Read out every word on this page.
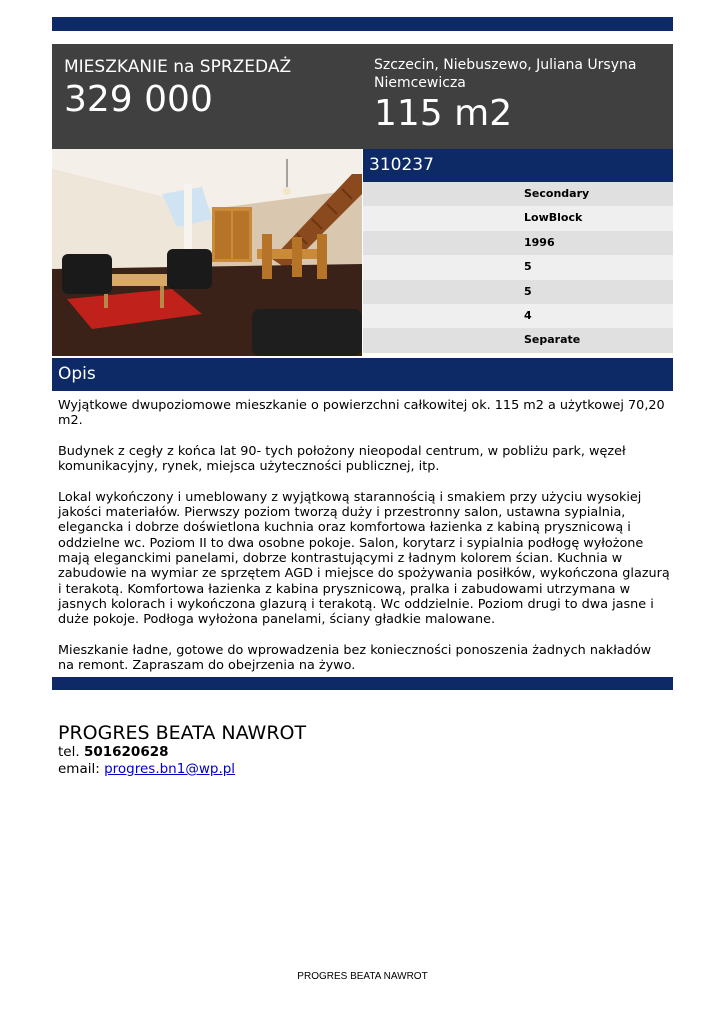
MIESZKANIE na SPRZEDAŻ
329 000
Szczecin, Niebuszewo, Juliana Ursyna Niemcewicza
115 m2
310237
Secondary
LowBlock
1996
5
5
4
Separate
Opis

Wyjątkowe dwupoziomowe mieszkanie o powierzchni całkowitej ok. 115 m2 a użytkowej 70,20 m2.

Budynek z cegły z końca lat 90- tych położony nieopodal centrum, w pobliżu park, węzeł komunikacyjny, rynek, miejsca użyteczności publicznej, itp.

Lokal wykończony i umeblowany z wyjątkową starannością i smakiem przy użyciu wysokiej jakości materiałów. Pierwszy poziom tworzą duży i przestronny salon, ustawna sypialnia, elegancka i dobrze doświetlona kuchnia oraz komfortowa łazienka z kabiną prysznicową i oddzielne wc. Poziom II to dwa osobne pokoje. Salon, korytarz i sypialnia podłogę wyłożone mają eleganckimi panelami, dobrze kontrastującymi z ładnym kolorem ścian. Kuchnia w zabudowie na wymiar ze sprzętem AGD i miejsce do spożywania posiłków, wykończona glazurą i terakotą. Komfortowa łazienka z kabina prysznicową, pralka i zabudowami utrzymana w jasnych kolorach i wykończona glazurą i terakotą. Wc oddzielnie. Poziom drugi to dwa jasne i duże pokoje. Podłoga wyłożona panelami, ściany gładkie malowane.

Mieszkanie ładne, gotowe do wprowadzenia bez konieczności ponoszenia żadnych nakładów na remont. Zapraszam do obejrzenia na żywo.

PROGRES BEATA NAWROT
tel. 501620628
email: progres.bn1@wp.pl
PROGRES BEATA NAWROT
